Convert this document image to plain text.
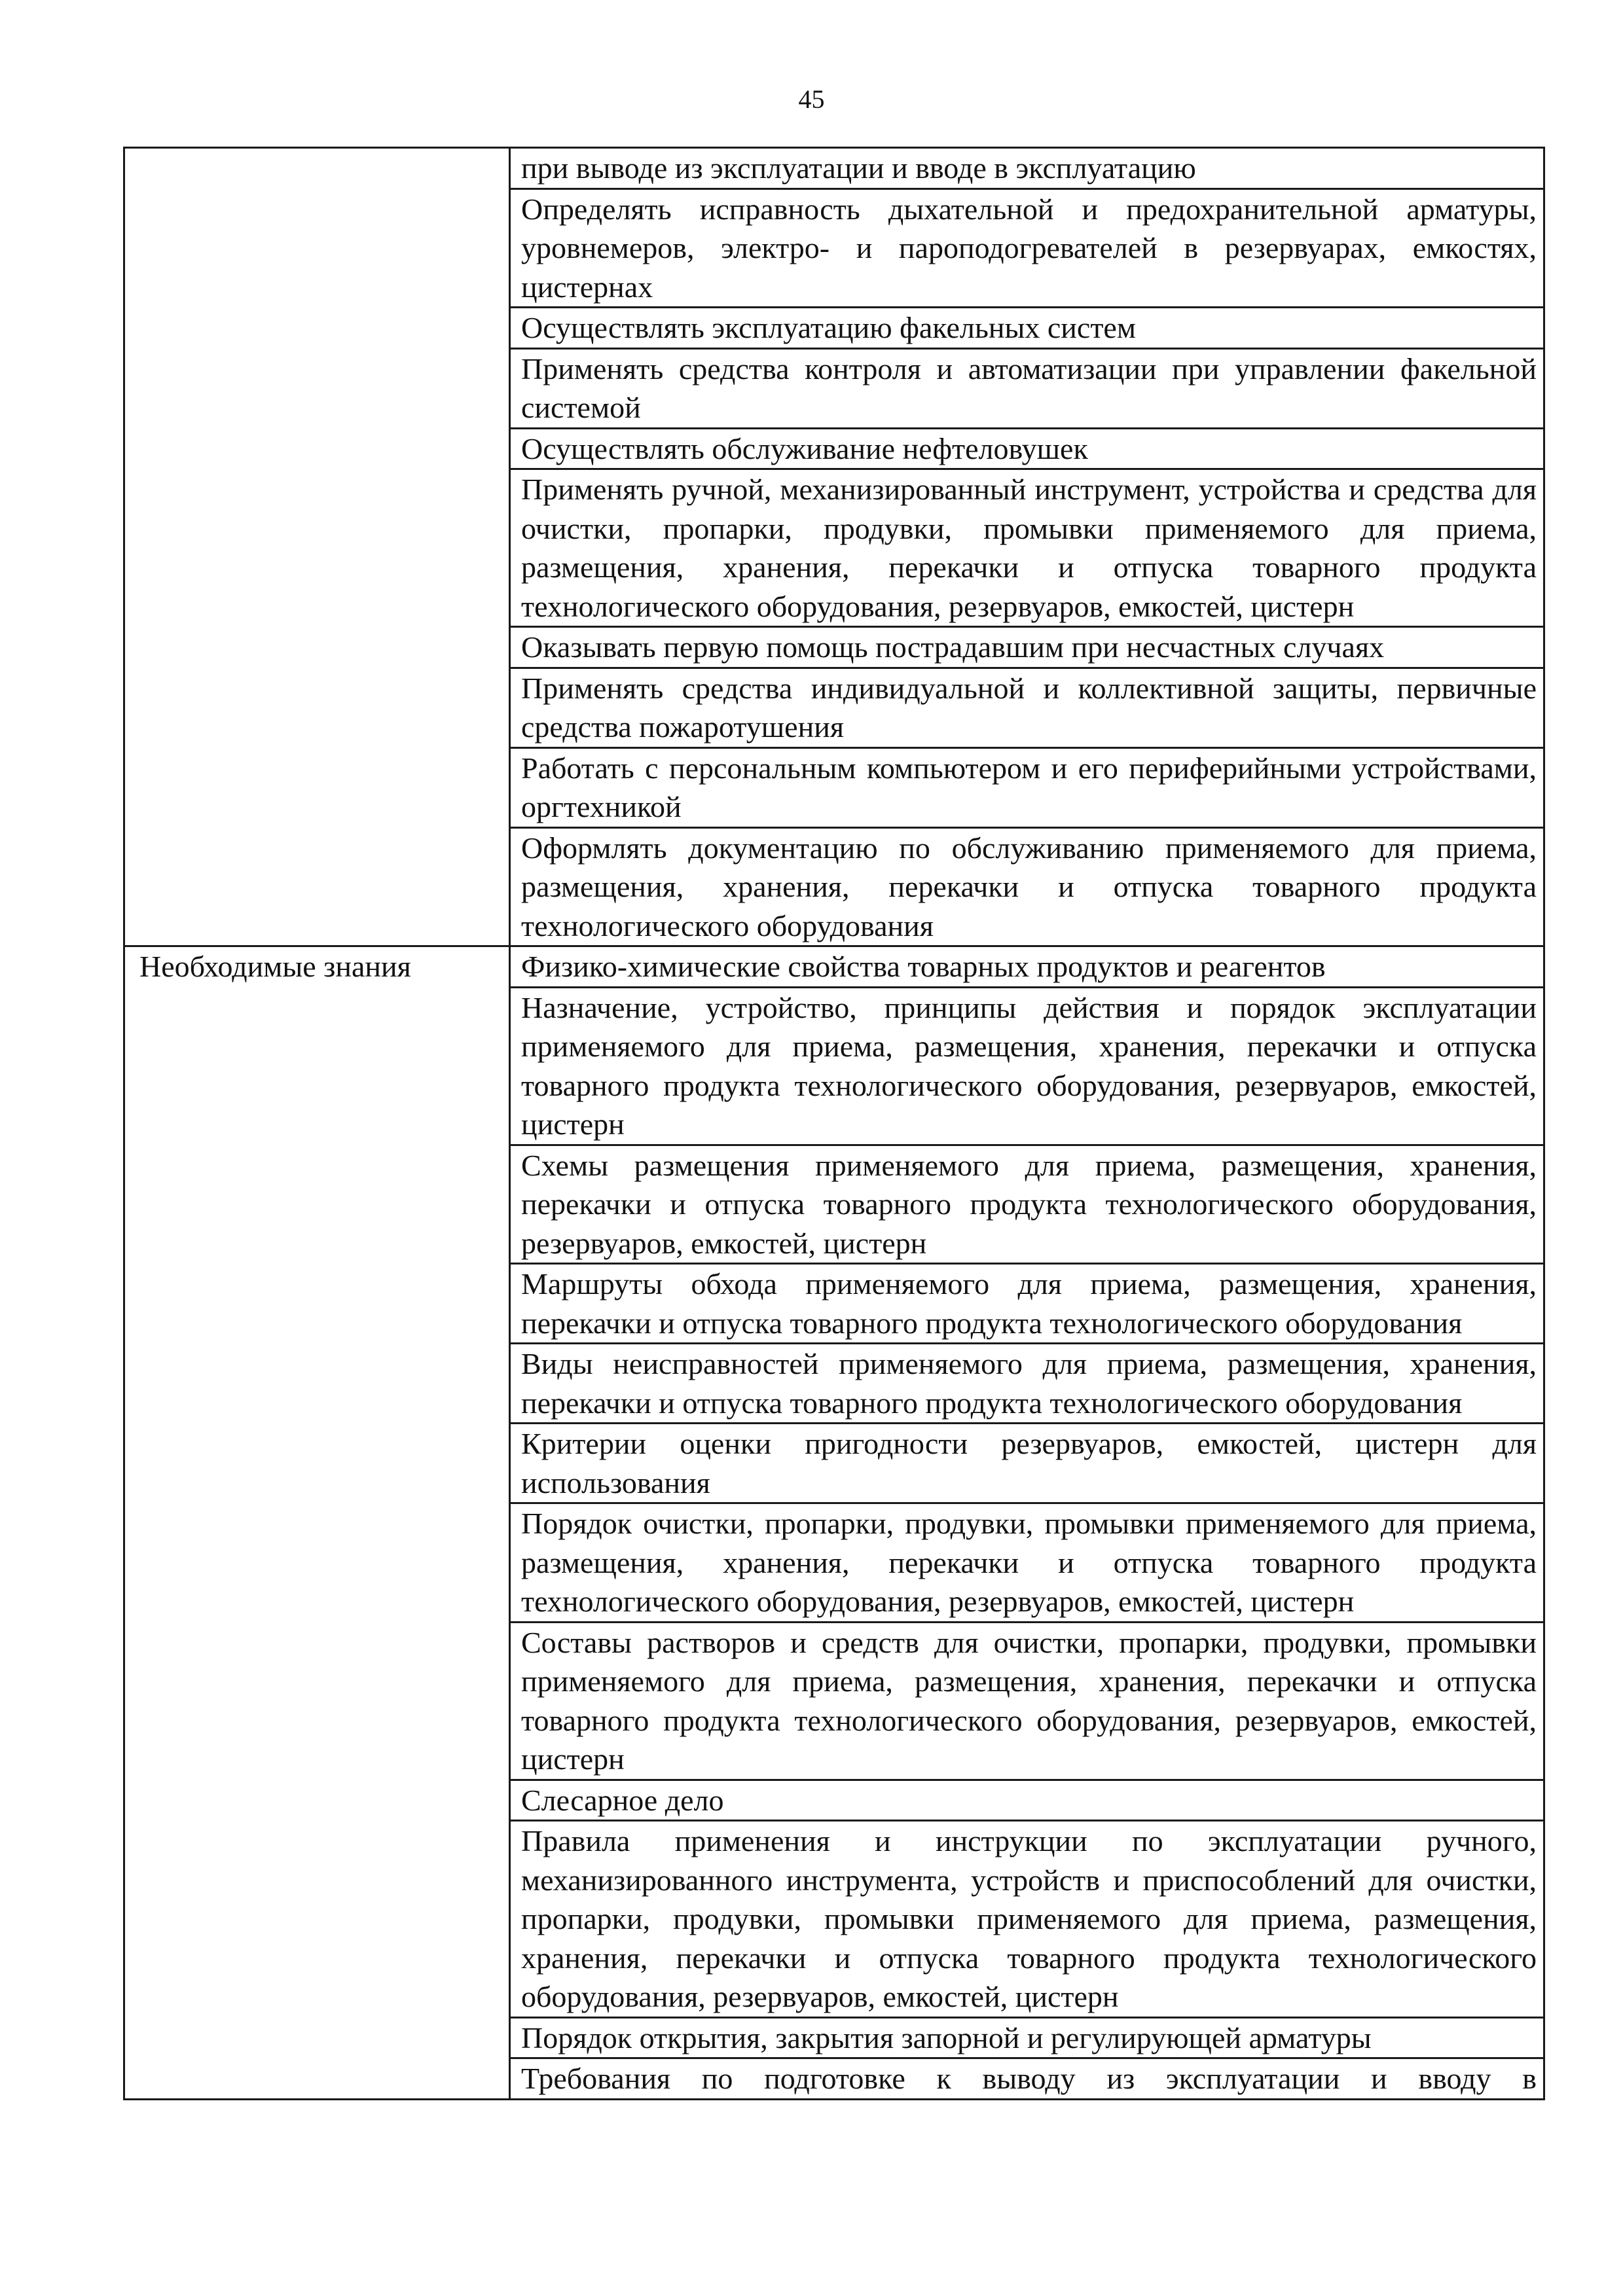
45
	при выводе из эксплуатации и вводе в эксплуатацию
	Определять исправность дыхательной и предохранительной арматуры, уровнемеров, электро- и пароподогревателей в резервуарах, емкостях, цистернах
	Осуществлять эксплуатацию факельных систем
	Применять средства контроля и автоматизации при управлении факельной системой
	Осуществлять обслуживание нефтеловушек
	Применять ручной, механизированный инструмент, устройства и средства для очистки, пропарки, продувки, промывки применяемого для приема, размещения, хранения, перекачки и отпуска товарного продукта технологического оборудования, резервуаров, емкостей, цистерн
	Оказывать первую помощь пострадавшим при несчастных случаях
	Применять средства индивидуальной и коллективной защиты, первичные средства пожаротушения
	Работать с персональным компьютером и его периферийными устройствами, оргтехникой
	Оформлять документацию по обслуживанию применяемого для приема, размещения, хранения, перекачки и отпуска товарного продукта технологического оборудования
Необходимые знания	Физико-химические свойства товарных продуктов и реагентов
	Назначение, устройство, принципы действия и порядок эксплуатации применяемого для приема, размещения, хранения, перекачки и отпуска товарного продукта технологического оборудования, резервуаров, емкостей, цистерн
	Схемы размещения применяемого для приема, размещения, хранения, перекачки и отпуска товарного продукта технологического оборудования, резервуаров, емкостей, цистерн
	Маршруты обхода применяемого для приема, размещения, хранения, перекачки и отпуска товарного продукта технологического оборудования
	Виды неисправностей применяемого для приема, размещения, хранения, перекачки и отпуска товарного продукта технологического оборудования
	Критерии оценки пригодности резервуаров, емкостей, цистерн для использования
	Порядок очистки, пропарки, продувки, промывки применяемого для приема, размещения, хранения, перекачки и отпуска товарного продукта технологического оборудования, резервуаров, емкостей, цистерн
	Составы растворов и средств для очистки, пропарки, продувки, промывки применяемого для приема, размещения, хранения, перекачки и отпуска товарного продукта технологического оборудования, резервуаров, емкостей, цистерн
	Слесарное дело
	Правила применения и инструкции по эксплуатации ручного, механизированного инструмента, устройств и приспособлений для очистки, пропарки, продувки, промывки применяемого для приема, размещения, хранения, перекачки и отпуска товарного продукта технологического оборудования, резервуаров, емкостей, цистерн
	Порядок открытия, закрытия запорной и регулирующей арматуры
	Требования по подготовке к выводу из эксплуатации и вводу в
